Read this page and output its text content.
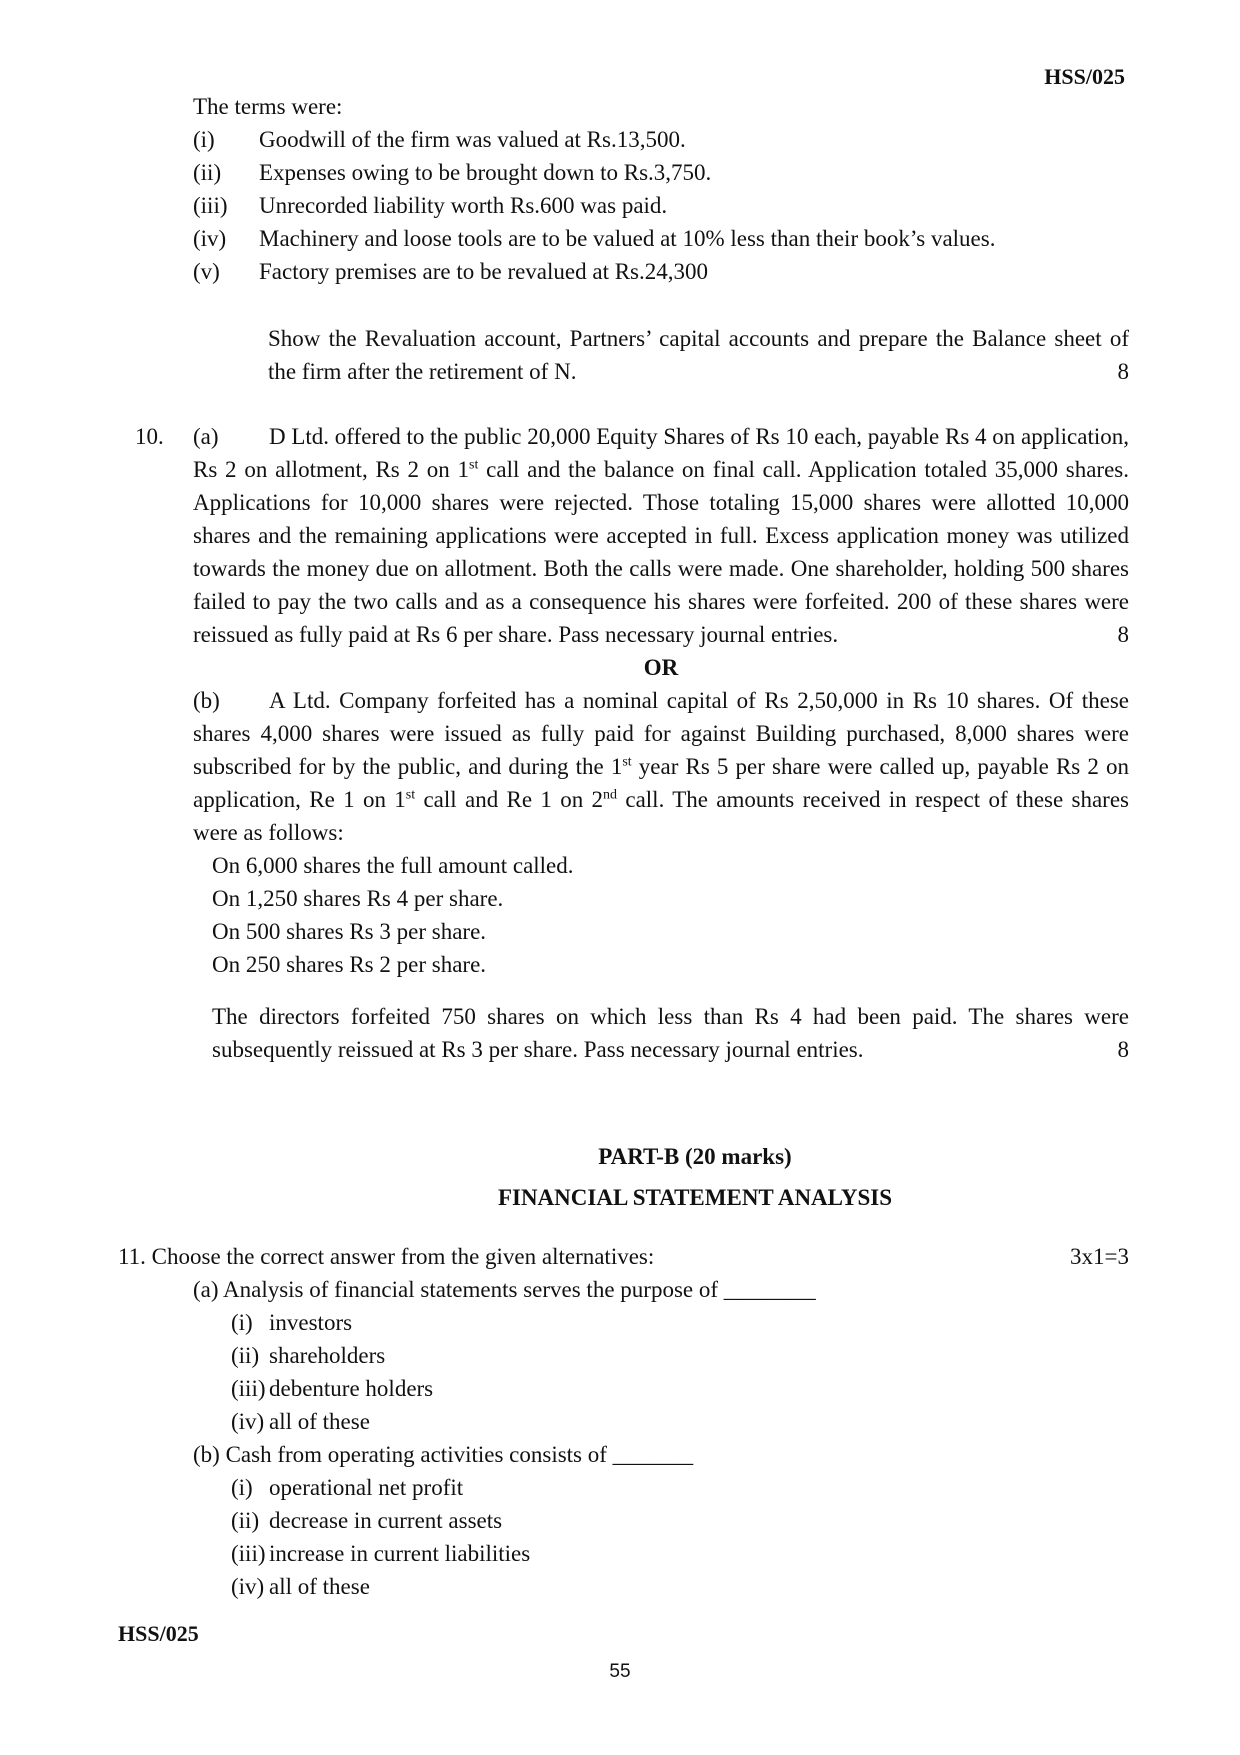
HSS/025
The terms were:
(i)	Goodwill of the firm was valued at Rs.13,500.
(ii)	Expenses owing to be brought down to Rs.3,750.
(iii)	Unrecorded liability worth Rs.600 was paid.
(iv)	Machinery and loose tools are to be valued at 10% less than their book’s values.
(v)	Factory premises are to be revalued at Rs.24,300
Show the Revaluation account, Partners’ capital accounts and prepare the Balance sheet of the firm after the retirement of N.	8
10. (a) D Ltd. offered to the public 20,000 Equity Shares of Rs 10 each, payable Rs 4 on application, Rs 2 on allotment, Rs 2 on 1st call and the balance on final call. Application totaled 35,000 shares. Applications for 10,000 shares were rejected. Those totaling 15,000 shares were allotted 10,000 shares and the remaining applications were accepted in full. Excess application money was utilized towards the money due on allotment. Both the calls were made. One shareholder, holding 500 shares failed to pay the two calls and as a consequence his shares were forfeited. 200 of these shares were reissued as fully paid at Rs 6 per share. Pass necessary journal entries.	8
OR
(b) A Ltd. Company forfeited has a nominal capital of Rs 2,50,000 in Rs 10 shares. Of these shares 4,000 shares were issued as fully paid for against Building purchased, 8,000 shares were subscribed for by the public, and during the 1st year Rs 5 per share were called up, payable Rs 2 on application, Re 1 on 1st call and Re 1 on 2nd call. The amounts received in respect of these shares were as follows:
On 6,000 shares the full amount called.
On 1,250 shares Rs 4 per share.
On 500 shares Rs 3 per share.
On 250 shares Rs 2 per share.
The directors forfeited 750 shares on which less than Rs 4 had been paid. The shares were subsequently reissued at Rs 3 per share. Pass necessary journal entries.	8
PART-B (20 marks)
FINANCIAL STATEMENT ANALYSIS
11. Choose the correct answer from the given alternatives:	3x1=3
(a) Analysis of financial statements serves the purpose of ________
(i) investors
(ii) shareholders
(iii) debenture holders
(iv) all of these
(b) Cash from operating activities consists of _______
(i) operational net profit
(ii) decrease in current assets
(iii) increase in current liabilities
(iv) all of these
HSS/025
55
